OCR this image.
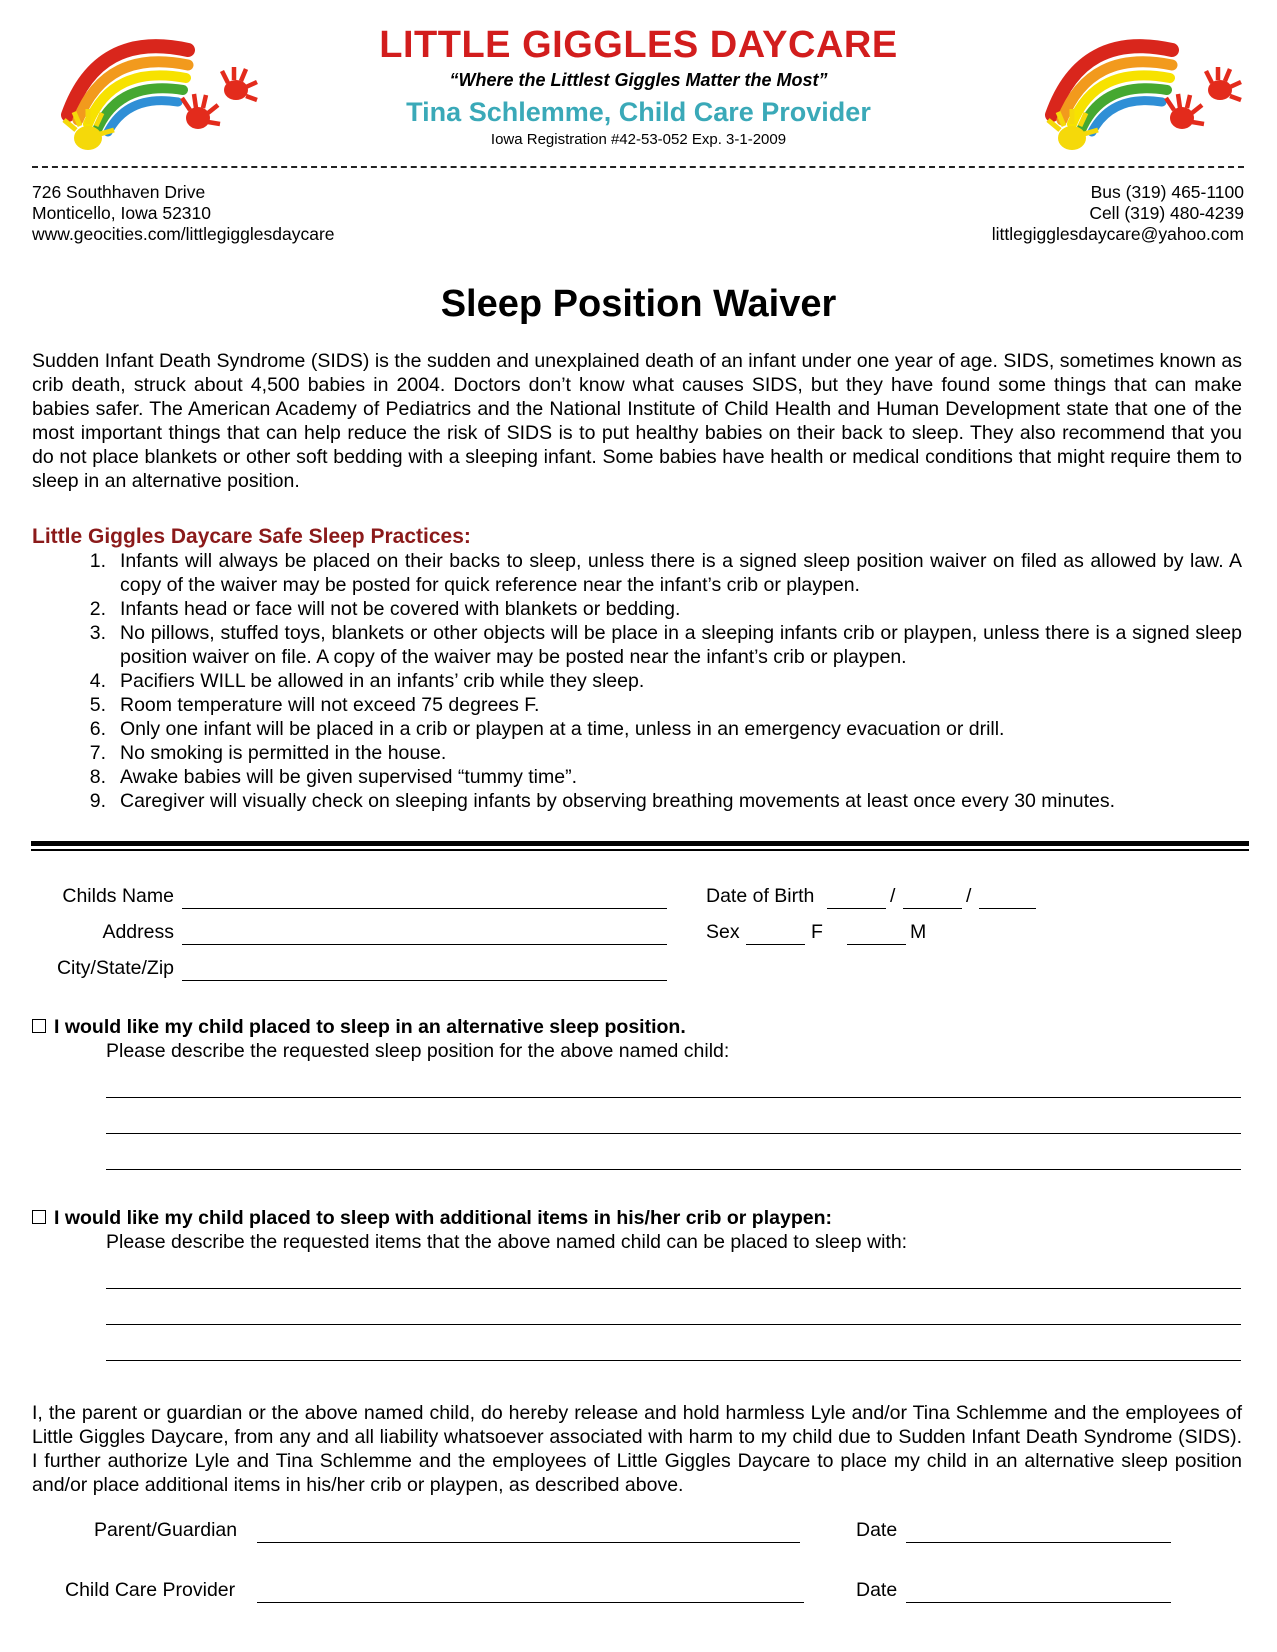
LITTLE GIGGLES DAYCARE
“Where the Littlest Giggles Matter the Most”
Tina Schlemme, Child Care Provider
Iowa Registration #42-53-052 Exp. 3-1-2009
726 Southhaven Drive
Monticello, Iowa 52310
www.geocities.com/littlegigglesdaycare
Bus (319) 465-1100
Cell (319) 480-4239
littlegigglesdaycare@yahoo.com
Sleep Position Waiver
Sudden Infant Death Syndrome (SIDS) is the sudden and unexplained death of an infant under one year of age. SIDS, sometimes known as crib death, struck about 4,500 babies in 2004. Doctors don’t know what causes SIDS, but they have found some things that can make babies safer. The American Academy of Pediatrics and the National Institute of Child Health and Human Development state that one of the most important things that can help reduce the risk of SIDS is to put healthy babies on their back to sleep. They also recommend that you do not place blankets or other soft bedding with a sleeping infant. Some babies have health or medical conditions that might require them to sleep in an alternative position.
Little Giggles Daycare Safe Sleep Practices:
1. Infants will always be placed on their backs to sleep, unless there is a signed sleep position waiver on filed as allowed by law. A copy of the waiver may be posted for quick reference near the infant’s crib or playpen.
2. Infants head or face will not be covered with blankets or bedding.
3. No pillows, stuffed toys, blankets or other objects will be place in a sleeping infants crib or playpen, unless there is a signed sleep position waiver on file. A copy of the waiver may be posted near the infant’s crib or playpen.
4. Pacifiers WILL be allowed in an infants’ crib while they sleep.
5. Room temperature will not exceed 75 degrees F.
6. Only one infant will be placed in a crib or playpen at a time, unless in an emergency evacuation or drill.
7. No smoking is permitted in the house.
8. Awake babies will be given supervised “tummy time”.
9. Caregiver will visually check on sleeping infants by observing breathing movements at least once every 30 minutes.
Childs Name
Address
City/State/Zip
Date of Birth	/	/
Sex	F	M
I would like my child placed to sleep in an alternative sleep position.
Please describe the requested sleep position for the above named child:
I would like my child placed to sleep with additional items in his/her crib or playpen:
Please describe the requested items that the above named child can be placed to sleep with:
I, the parent or guardian or the above named child, do hereby release and hold harmless Lyle and/or Tina Schlemme and the employees of Little Giggles Daycare, from any and all liability whatsoever associated with harm to my child due to Sudden Infant Death Syndrome (SIDS). I further authorize Lyle and Tina Schlemme and the employees of Little Giggles Daycare to place my child in an alternative sleep position and/or place additional items in his/her crib or playpen, as described above.
Parent/Guardian	Date
Child Care Provider	Date
